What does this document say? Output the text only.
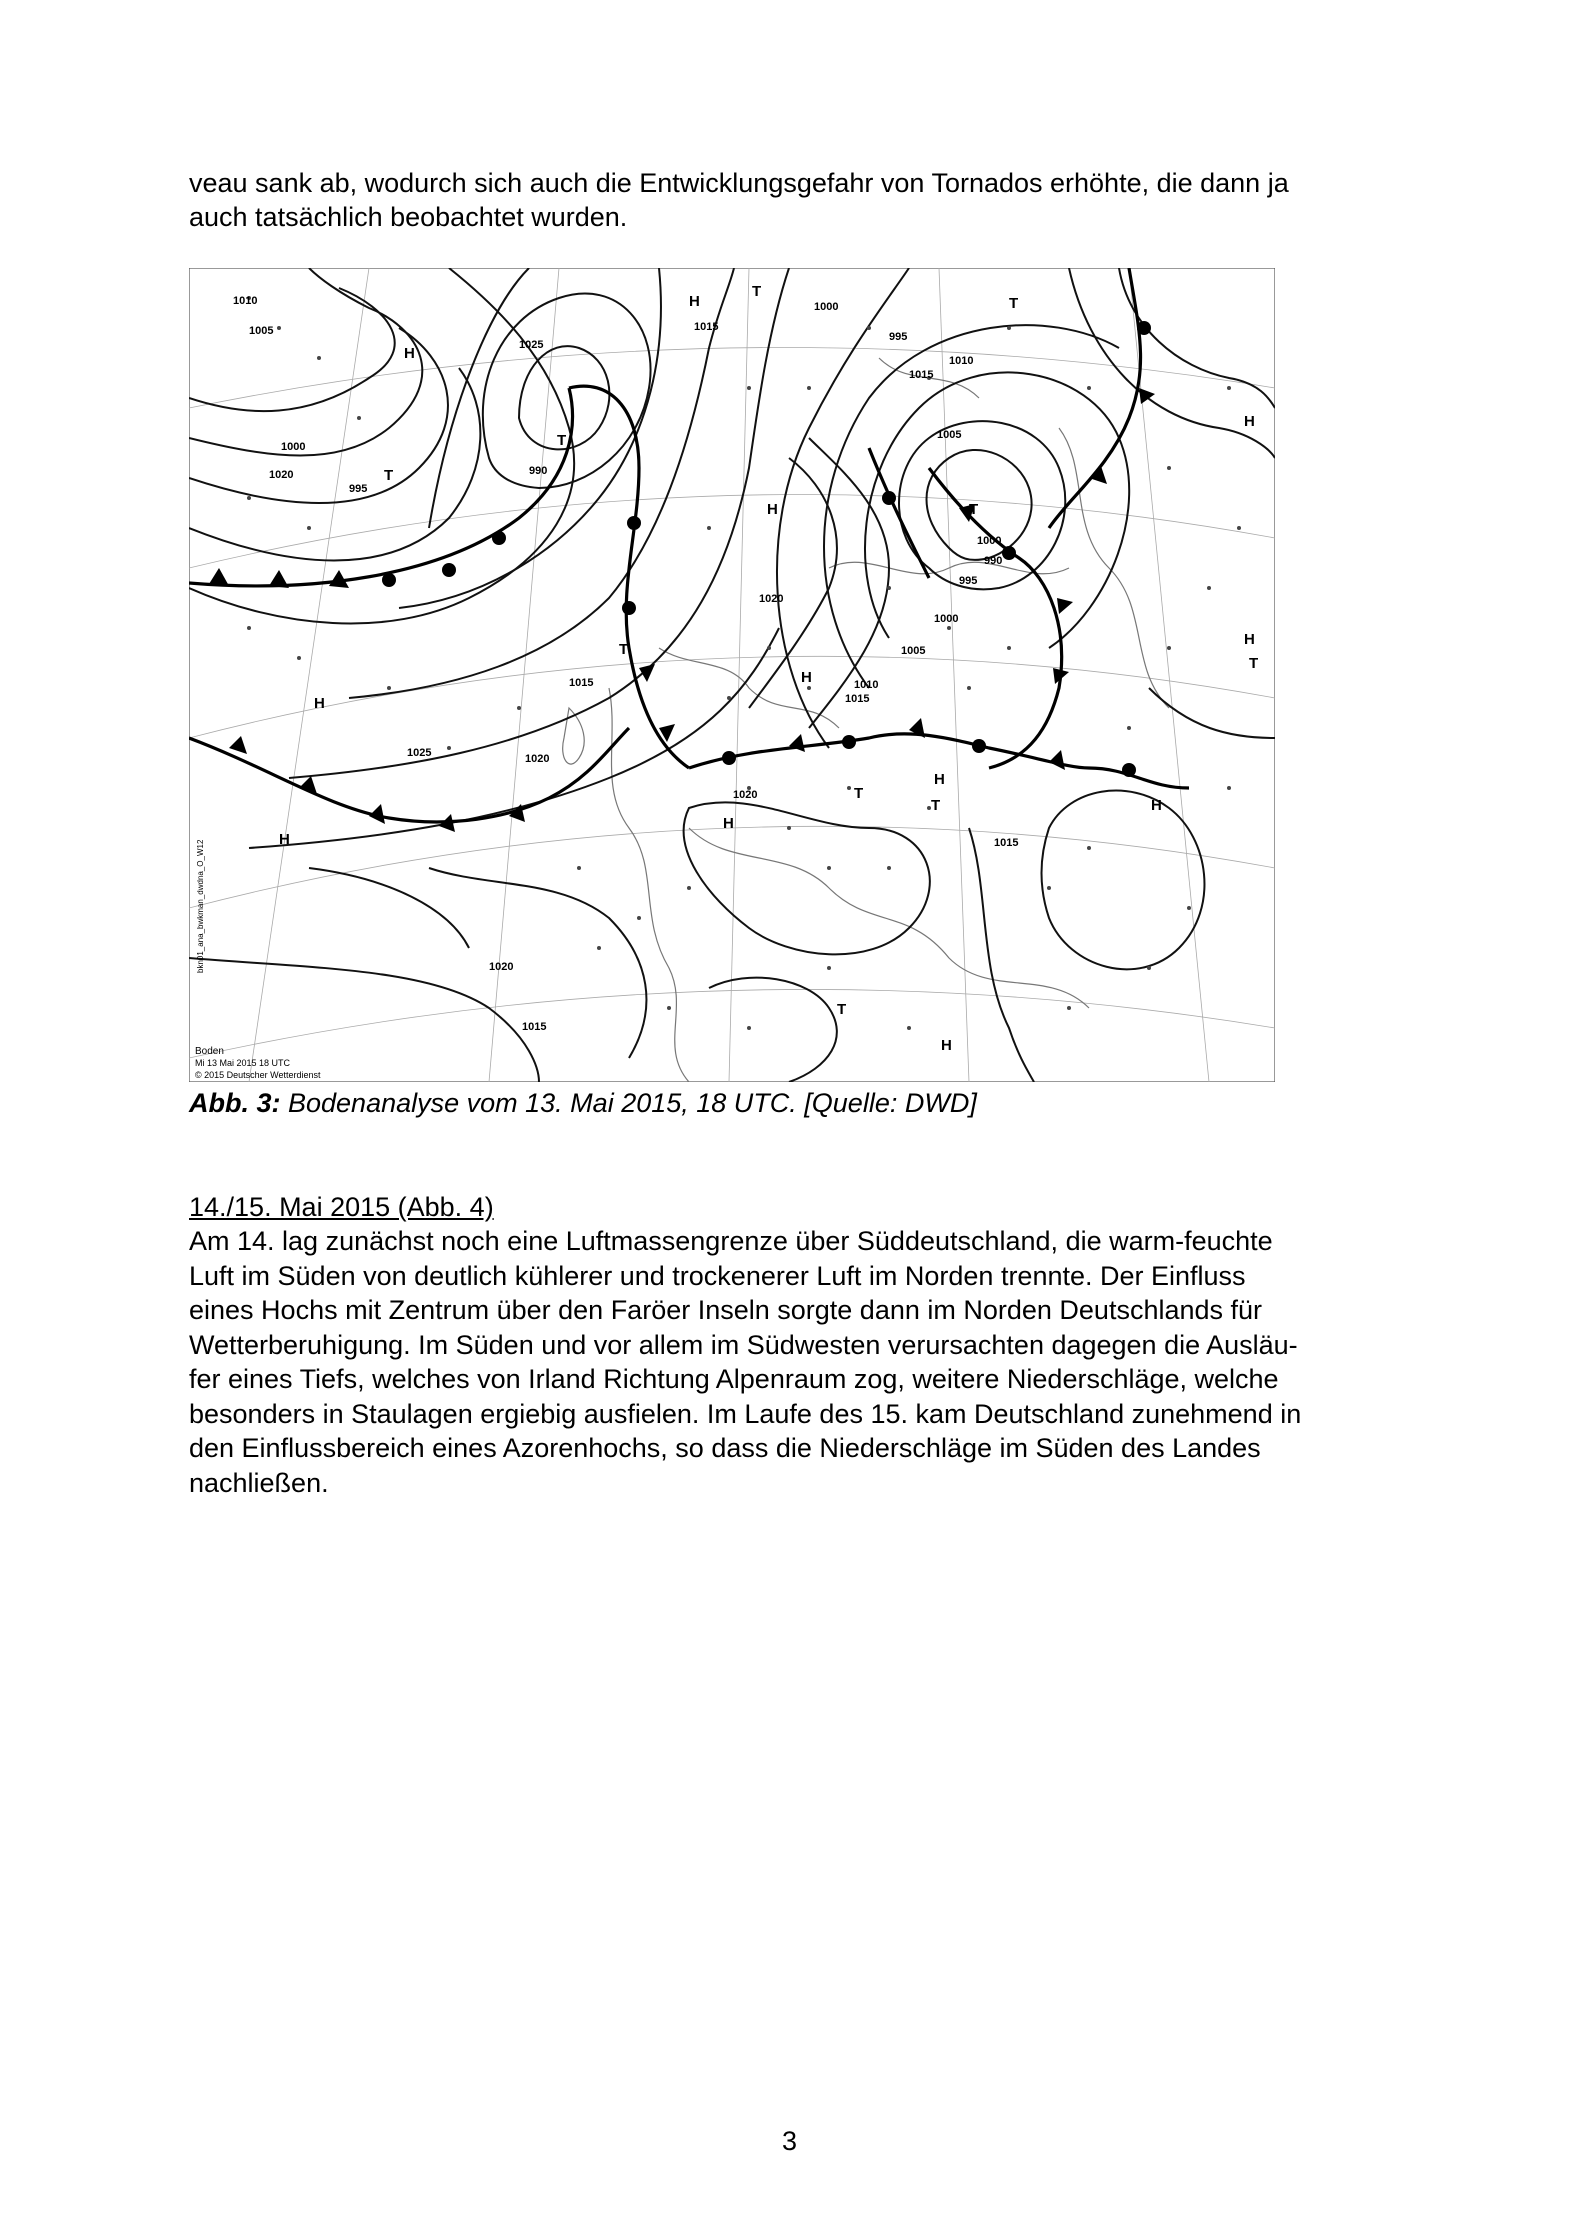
veau sank ab, wodurch sich auch die Entwicklungsgefahr von Tornados erhöhte, die dann ja
auch tatsächlich beobachtet wurden.
1010
1005
1000
995
990
1015
1020
1025
1000
995
1015
1010
1005
1000
990
995
1000
1005
1010
1015
1020
1025	1020
1015
1020
1015
1020
1015
H
T
H
T
T
H
T
H
H
T
H
T
H
H
T
H
H
T
T	H
T
H
Boden
Mi 13 Mai 2015 18 UTC
© 2015 Deutscher Wetterdienst
bkn01_ana_bwkman_dwdna_O_W12
Abb. 3: Bodenanalyse vom 13. Mai 2015, 18 UTC. [Quelle: DWD]
14./15. Mai 2015 (Abb. 4)
Am 14. lag zunächst noch eine Luftmassengrenze über Süddeutschland, die warm-feuchte
Luft im Süden von deutlich kühlerer und trockenerer Luft im Norden trennte. Der Einfluss
eines Hochs mit Zentrum über den Faröer Inseln sorgte dann im Norden Deutschlands für
Wetterberuhigung. Im Süden und vor allem im Südwesten verursachten dagegen die Ausläu-
fer eines Tiefs, welches von Irland Richtung Alpenraum zog, weitere Niederschläge, welche
besonders in Staulagen ergiebig ausfielen. Im Laufe des 15. kam Deutschland zunehmend in
den Einflussbereich eines Azorenhochs, so dass die Niederschläge im Süden des Landes
nachließen.
3
